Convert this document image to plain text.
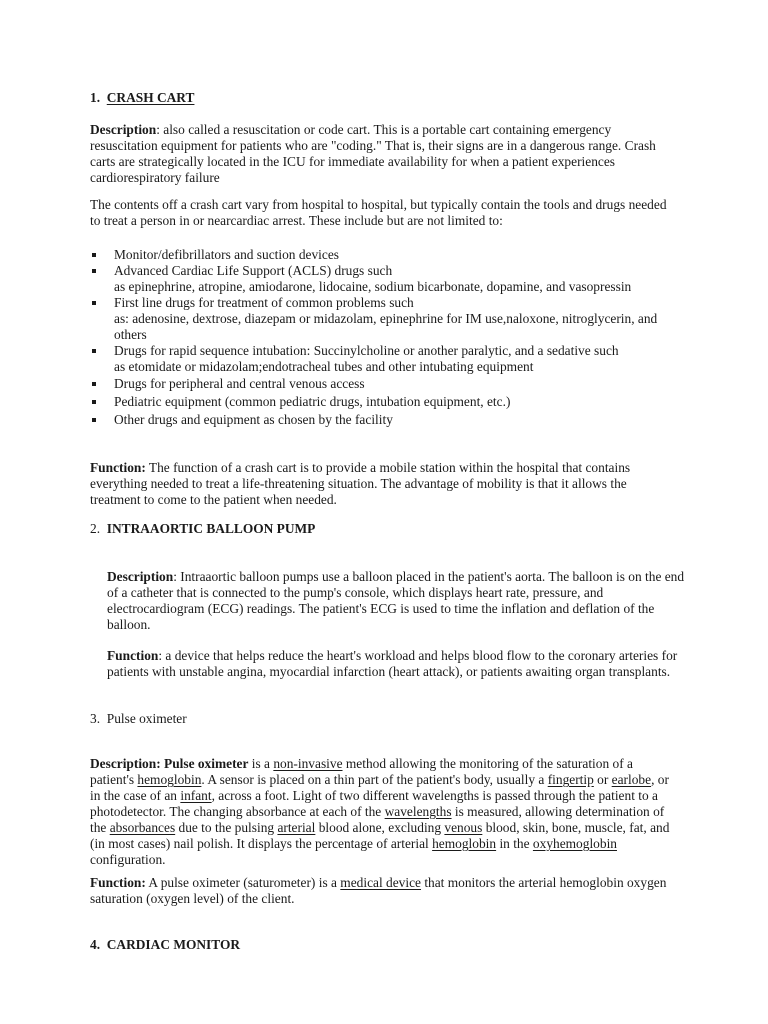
1. CRASH CART

Description: also called a resuscitation or code cart. This is a portable cart containing emergency resuscitation equipment for patients who are "coding." That is, their signs are in a dangerous range. Crash carts are strategically located in the ICU for immediate availability for when a patient experiences cardiorespiratory failure

The contents off a crash cart vary from hospital to hospital, but typically contain the tools and drugs needed to treat a person in or nearcardiac arrest. These include but are not limited to:

Monitor/defibrillators and suction devices
Advanced Cardiac Life Support (ACLS) drugs such
as epinephrine, atropine, amiodarone, lidocaine, sodium bicarbonate, dopamine, and vasopressin
First line drugs for treatment of common problems such
as: adenosine, dextrose, diazepam or midazolam, epinephrine for IM use,naloxone, nitroglycerin, and others
Drugs for rapid sequence intubation: Succinylcholine or another paralytic, and a sedative such
as etomidate or midazolam;endotracheal tubes and other intubating equipment
Drugs for peripheral and central venous access
Pediatric equipment (common pediatric drugs, intubation equipment, etc.)
Other drugs and equipment as chosen by the facility

Function: The function of a crash cart is to provide a mobile station within the hospital that contains everything needed to treat a life-threatening situation. The advantage of mobility is that it allows the treatment to come to the patient when needed.

2. INTRAAORTIC BALLOON PUMP

Description: Intraaortic balloon pumps use a balloon placed in the patient's aorta. The balloon is on the end of a catheter that is connected to the pump's console, which displays heart rate, pressure, and electrocardiogram (ECG) readings. The patient's ECG is used to time the inflation and deflation of the balloon.

Function: a device that helps reduce the heart's workload and helps blood flow to the coronary arteries for patients with unstable angina, myocardial infarction (heart attack), or patients awaiting organ transplants.

3. Pulse oximeter

Description: Pulse oximeter is a non-invasive method allowing the monitoring of the saturation of a patient's hemoglobin. A sensor is placed on a thin part of the patient's body, usually a fingertip or earlobe, or in the case of an infant, across a foot. Light of two different wavelengths is passed through the patient to a photodetector. The changing absorbance at each of the wavelengths is measured, allowing determination of the absorbances due to the pulsing arterial blood alone, excluding venous blood, skin, bone, muscle, fat, and (in most cases) nail polish. It displays the percentage of arterial hemoglobin in the oxyhemoglobin configuration.

Function: A pulse oximeter (saturometer) is a medical device that monitors the arterial hemoglobin oxygen saturation (oxygen level) of the client.

4. CARDIAC MONITOR
